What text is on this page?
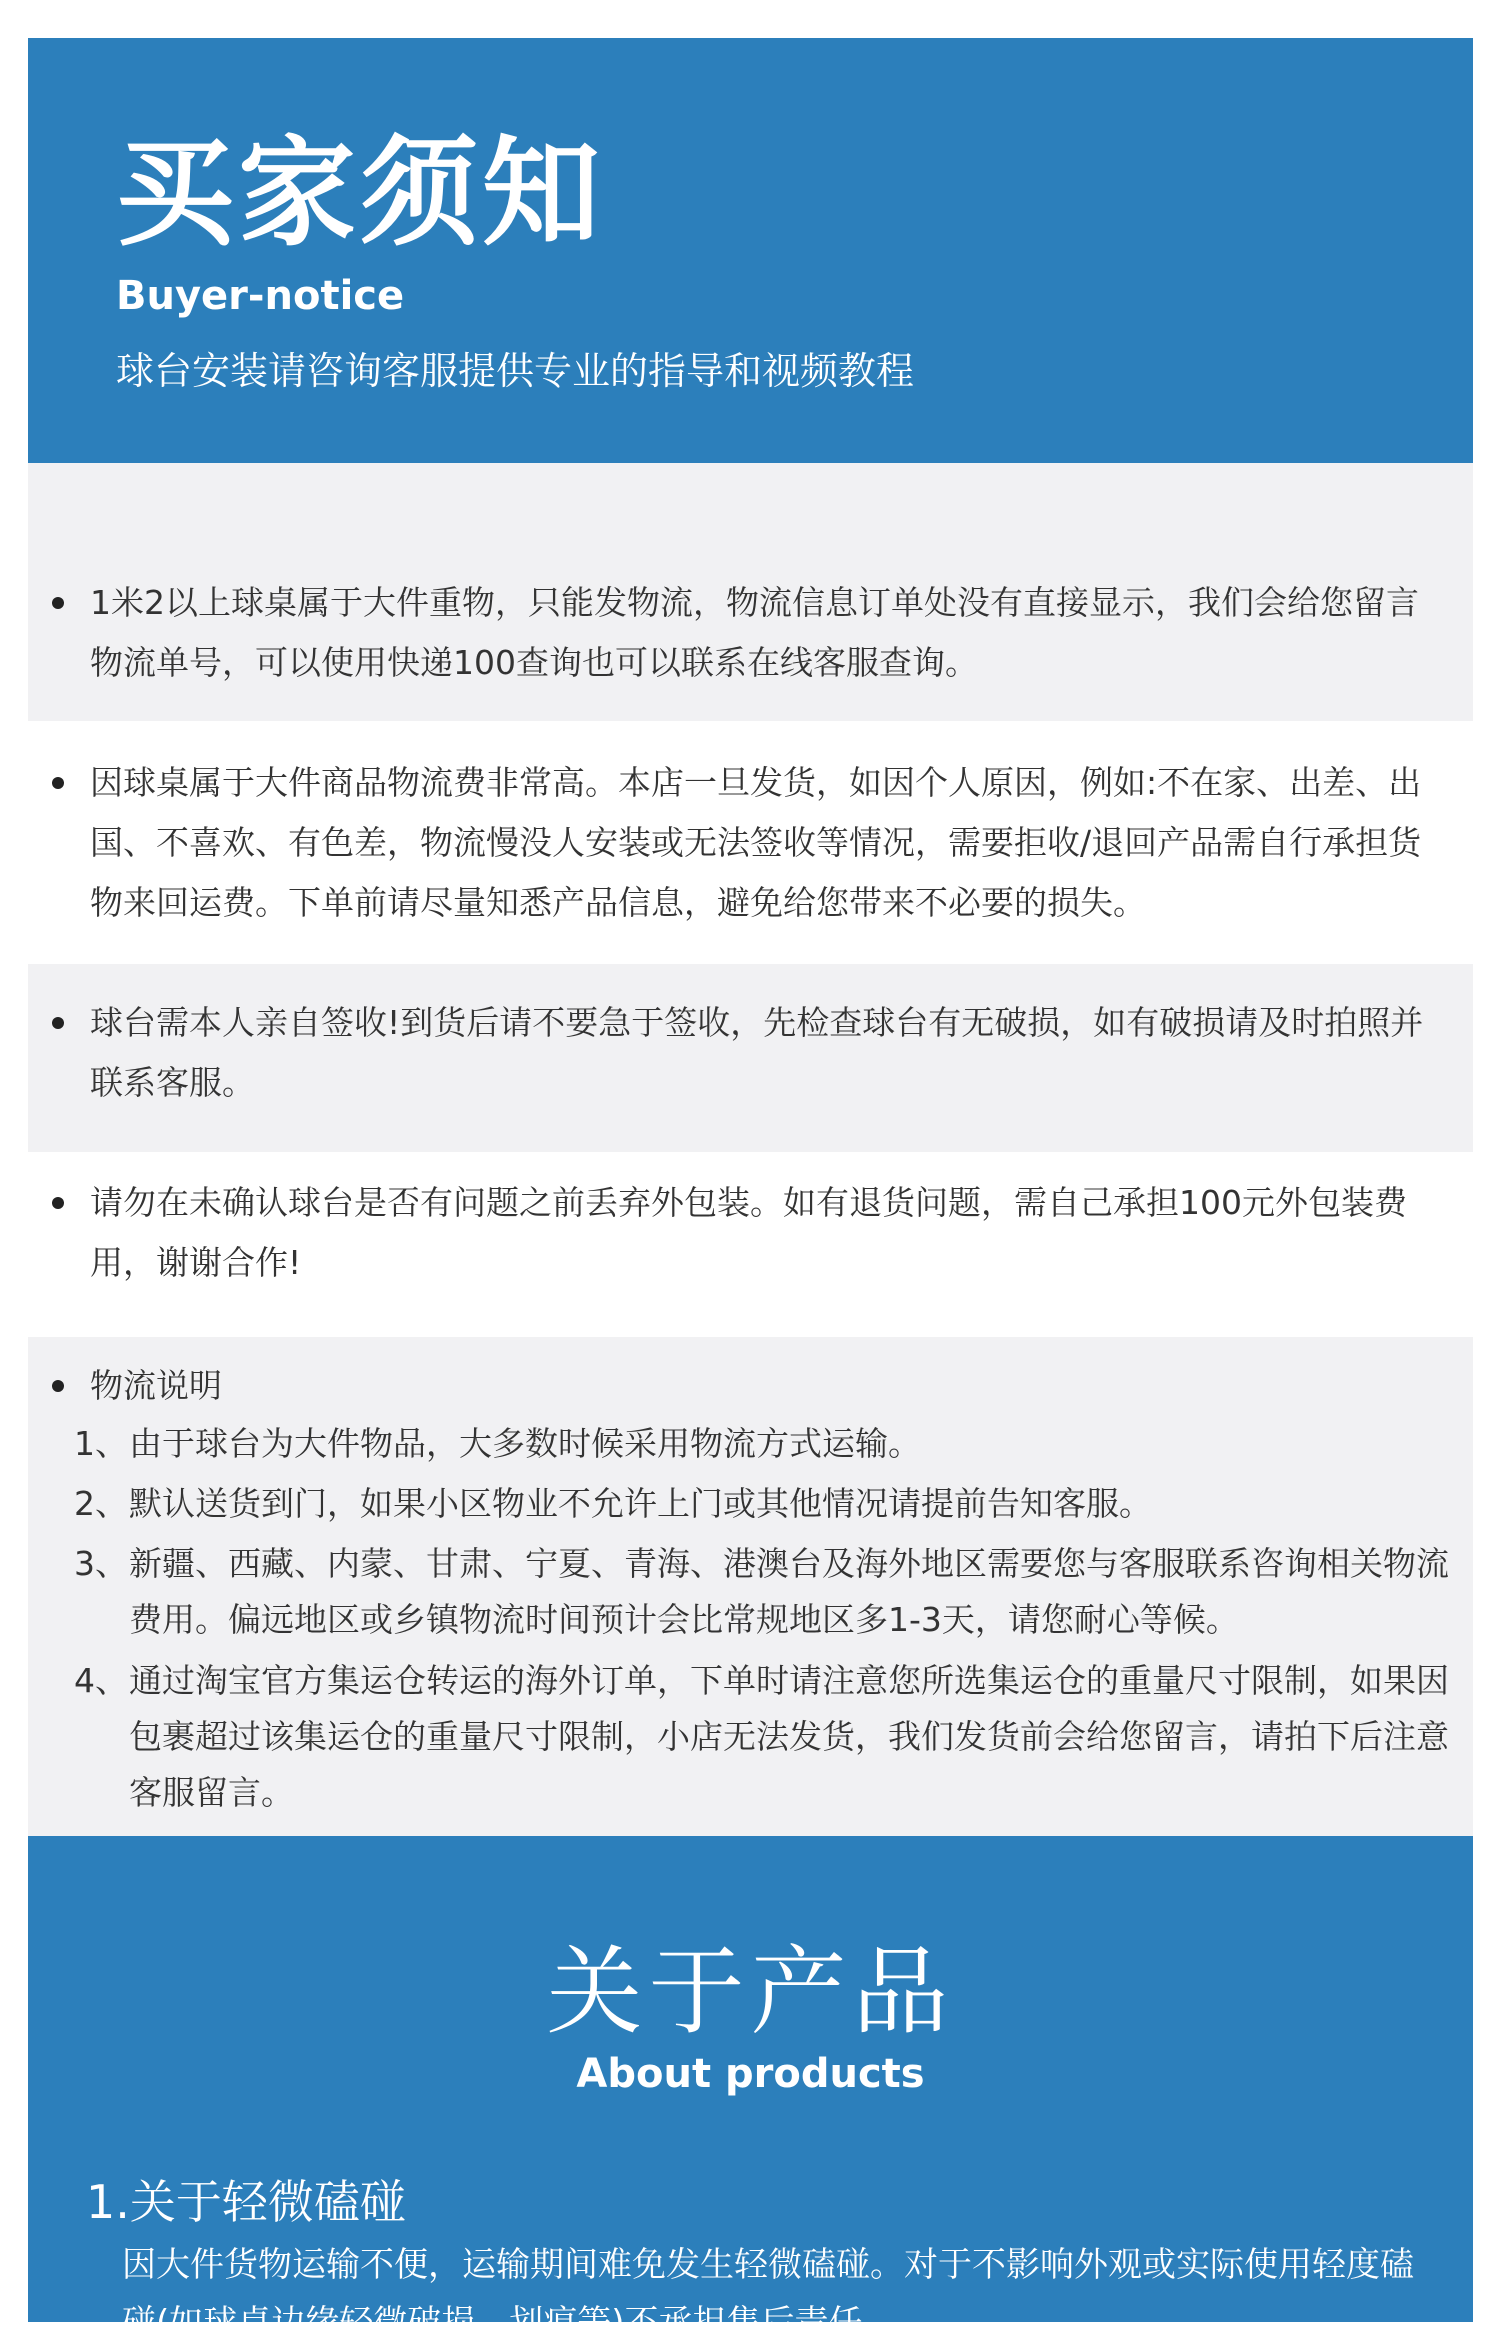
买家须知
Buyer-notice
球台安装请咨询客服提供专业的指导和视频教程
1米2以上球桌属于大件重物，只能发物流，物流信息订单处没有直接显示，我们会给您留言物流单号，可以使用快递100查询也可以联系在线客服查询。
因球桌属于大件商品物流费非常高。本店一旦发货，如因个人原因，例如:不在家、出差、出国、不喜欢、有色差，物流慢没人安装或无法签收等情况，需要拒收/退回产品需自行承担货物来回运费。下单前请尽量知悉产品信息，避免给您带来不必要的损失。
球台需本人亲自签收!到货后请不要急于签收，先检查球台有无破损，如有破损请及时拍照并联系客服。
请勿在未确认球台是否有问题之前丢弃外包装。如有退货问题，需自己承担100元外包装费用，谢谢合作!
物流说明
1、 由于球台为大件物品，大多数时候采用物流方式运输。
2、 默认送货到门，如果小区物业不允许上门或其他情况请提前告知客服。
3、 新疆、西藏、内蒙、甘肃、宁夏、青海、港澳台及海外地区需要您与客服联系咨询相关物流费用。偏远地区或乡镇物流时间预计会比常规地区多1-3天，请您耐心等候。
4、 通过淘宝官方集运仓转运的海外订单，下单时请注意您所选集运仓的重量尺寸限制，如果因包裹超过该集运仓的重量尺寸限制，小店无法发货，我们发货前会给您留言，请拍下后注意客服留言。
关于产品
About products
1.关于轻微磕碰
因大件货物运输不便，运输期间难免发生轻微磕碰。对于不影响外观或实际使用轻度磕碰(如球桌边缘轻微破损、划痕等)不承担售后责任。
